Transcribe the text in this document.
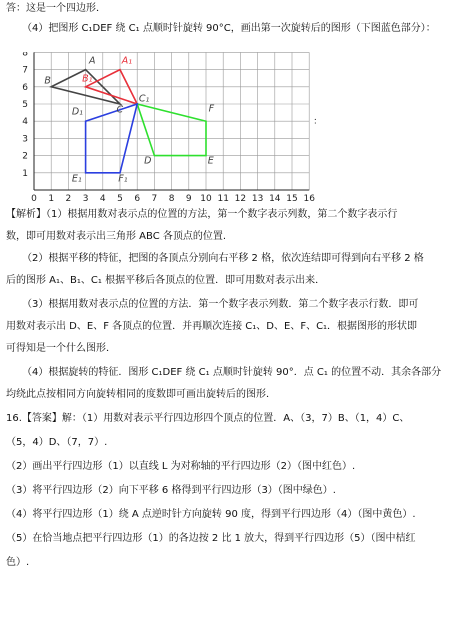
答：这是一个四边形．
（4）把图形 C₁DEF 绕 C₁ 点顺时针旋转 90°C，画出第一次旋转后的图形（下图蓝色部分）：
0 1 2 3 4 5 6 7 8 9 10 11 12 13 14 15 16
1
2
3
4
5
6
7
8
A
B
C
A₁
B₁
C₁
F
D	E
D₁
E₁	F₁
：
【解析】（1）根据用数对表示点的位置的方法，第一个数字表示列数，第二个数字表示行
数，即可用数对表示出三角形 ABC 各顶点的位置.
（2）根据平移的特征，把图的各顶点分别向右平移 2 格，依次连结即可得到向右平移 2 格
后的图形 A₁、B₁、C₁ 根据平移后各顶点的位置．即可用数对表示出来．
（3）根据用数对表示点的位置的方法．第一个数字表示列数．第二个数字表示行数．即可
用数对表示出 D、E、F 各顶点的位置．并再顺次连接 C₁、D、E、F、C₁．根据图形的形状即
可得知是一个什么图形．
（4）根据旋转的特征．图形 C₁DEF 绕 C₁ 点顺时针旋转 90°．点 C₁ 的位置不动．其余各部分
均绕此点按相同方向旋转相同的度数即可画出旋转后的图形．
16.【答案】解：（1）用数对表示平行四边形四个顶点的位置．A、（3，7）B、（1，4）C、
（5，4）D、（7，7）.
（2）画出平行四边形（1）以直线 L 为对称轴的平行四边形（2）（图中红色）.
（3）将平行四边形（2）向下平移 6 格得到平行四边形（3）（图中绿色）.
（4）将平行四边形（1）绕 A 点逆时针方向旋转 90 度，得到平行四边形（4）（图中黄色）.
（5）在恰当地点把平行四边形（1）的各边按 2 比 1 放大，得到平行四边形（5）（图中桔红
色）.
